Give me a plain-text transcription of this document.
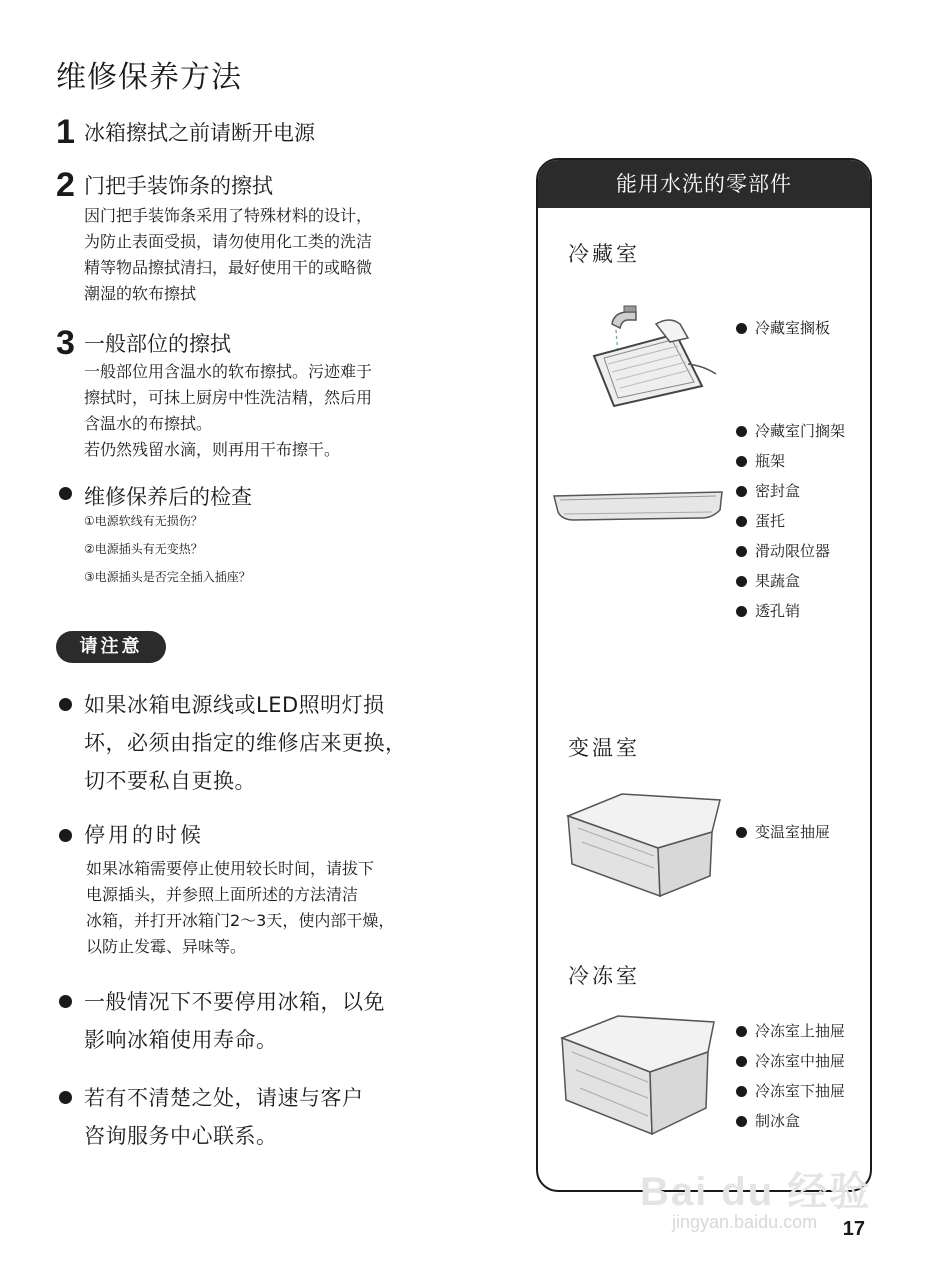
维修保养方法
1 冰箱擦拭之前请断开电源
2 门把手装饰条的擦拭
因门把手装饰条采用了特殊材料的设计，
为防止表面受损，请勿使用化工类的洗洁
精等物品擦拭清扫，最好使用干的或略微
潮湿的软布擦拭
3 一般部位的擦拭
一般部位用含温水的软布擦拭。污迹难于
擦拭时，可抹上厨房中性洗洁精，然后用
含温水的布擦拭。
若仍然残留水滴，则再用干布擦干。
维修保养后的检查
①电源软线有无损伤？
②电源插头有无变热？
③电源插头是否完全插入插座？
请注意
如果冰箱电源线或LED照明灯损
坏，必须由指定的维修店来更换，
切不要私自更换。
停用的时候
如果冰箱需要停止使用较长时间，请拔下
电源插头，并参照上面所述的方法清洁
冰箱，并打开冰箱门2～3天，使内部干燥，
以防止发霉、异味等。
一般情况下不要停用冰箱，以免
影响冰箱使用寿命。
若有不清楚之处，请速与客户
咨询服务中心联系。
能用水洗的零部件
冷藏室
冷藏室搁板
冷藏室门搁架
瓶架
密封盒
蛋托
滑动限位器
果蔬盒
透孔销
变温室
变温室抽屉
冷冻室
冷冻室上抽屉
冷冻室中抽屉
冷冻室下抽屉
制冰盒
Bai du 经验
jingyan.baidu.com 17
